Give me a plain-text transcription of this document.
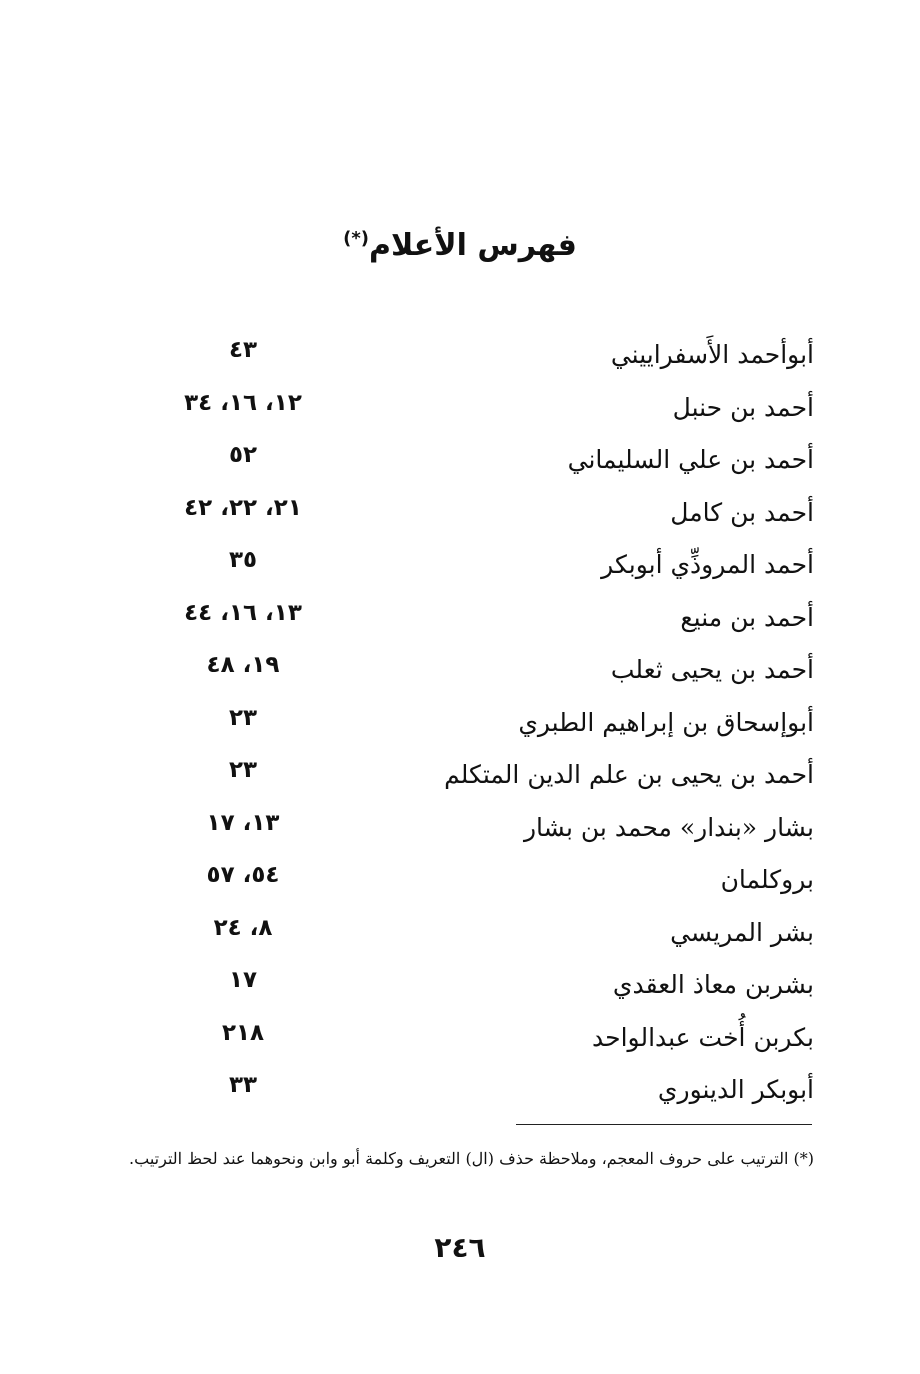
فهرس الأعلام(*)
أبوأحمد الأَسفراييني
٤٣
أحمد بن حنبل
١٢، ١٦، ٣٤
أحمد بن علي السليماني
٥٢
أحمد بن كامل
٢١، ٢٢، ٤٢
أحمد المروذِّي أبوبكر
٣٥
أحمد بن منيع
١٣، ١٦، ٤٤
أحمد بن يحيى ثعلب
١٩، ٤٨
أبوإسحاق بن إبراهيم الطبري
٢٣
أحمد بن يحيى بن علم الدين المتكلم
٢٣
بشار «بندار» محمد بن بشار
١٣، ١٧
بروكلمان
٥٤، ٥٧
بشر المريسي
٨، ٢٤
بشربن معاذ العقدي
١٧
بكربن أُخت عبدالواحد
٢١٨
أبوبكر الدينوري
٣٣
(*) الترتيب على حروف المعجم، وملاحظة حذف (ال) التعريف وكلمة أبو وابن ونحوهما عند لحظ الترتيب.
٢٤٦
